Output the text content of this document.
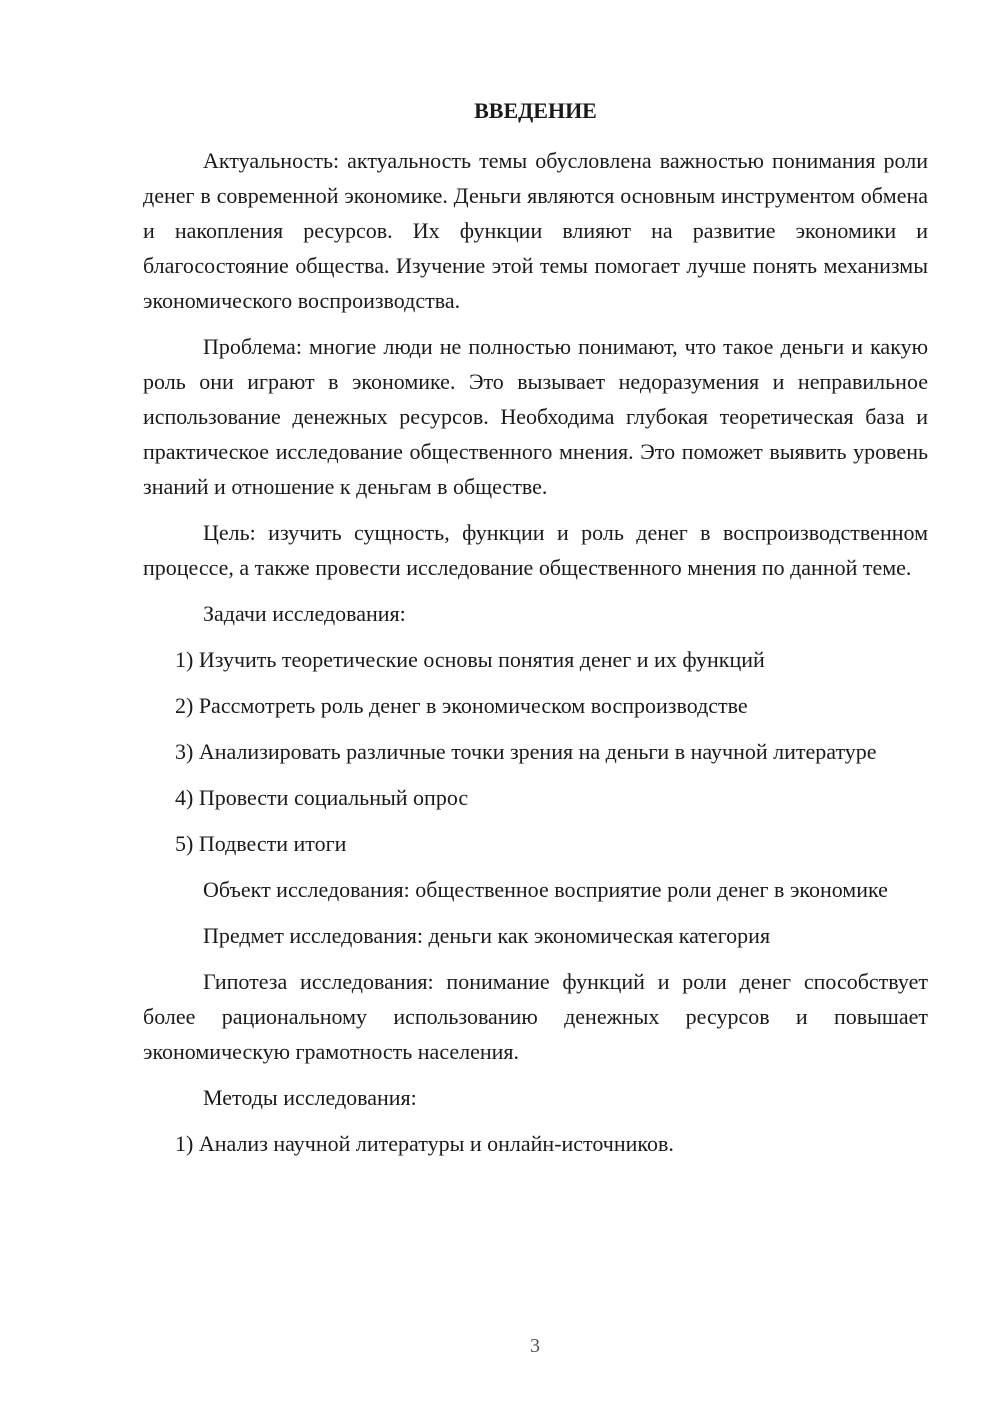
ВВЕДЕНИЕ

Актуальность: актуальность темы обусловлена важностью понимания роли денег в современной экономике. Деньги являются основным инструментом обмена и накопления ресурсов. Их функции влияют на развитие экономики и благосостояние общества. Изучение этой темы помогает лучше понять механизмы экономического воспроизводства.

Проблема: многие люди не полностью понимают, что такое деньги и какую роль они играют в экономике. Это вызывает недоразумения и неправильное использование денежных ресурсов. Необходима глубокая теоретическая база и практическое исследование общественного мнения. Это поможет выявить уровень знаний и отношение к деньгам в обществе.

Цель: изучить сущность, функции и роль денег в воспроизводственном процессе, а также провести исследование общественного мнения по данной теме.

Задачи исследования:

1) Изучить теоретические основы понятия денег и их функций

2) Рассмотреть роль денег в экономическом воспроизводстве

3) Анализировать различные точки зрения на деньги в научной литературе

4) Провести социальный опрос

5) Подвести итоги

Объект исследования: общественное восприятие роли денег в экономике

Предмет исследования: деньги как экономическая категория

Гипотеза исследования: понимание функций и роли денег способствует более рациональному использованию денежных ресурсов и повышает экономическую грамотность населения.

Методы исследования:

1) Анализ научной литературы и онлайн-источников.

3
